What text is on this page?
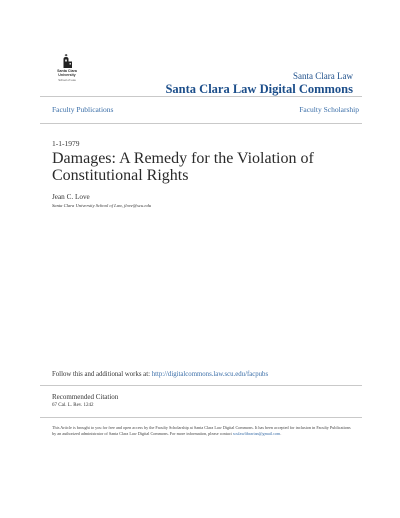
Santa Clara
University
School of Law	Santa Clara Law
Santa Clara Law Digital Commons
Faculty Publications	Faculty Scholarship
1-1-1979
Damages: A Remedy for the Violation of Constitutional Rights
Jean C. Love
Santa Clara University School of Law, jlove@scu.edu
Follow this and additional works at: http://digitalcommons.law.scu.edu/facpubs
Recommended Citation
67 Cal. L. Rev. 1242

This Article is brought to you for free and open access by the Faculty Scholarship at Santa Clara Law Digital Commons. It has been accepted for inclusion in Faculty Publications by an authorized administrator of Santa Clara Law Digital Commons. For more information, please contact sculawlibrarian@gmail.com.
